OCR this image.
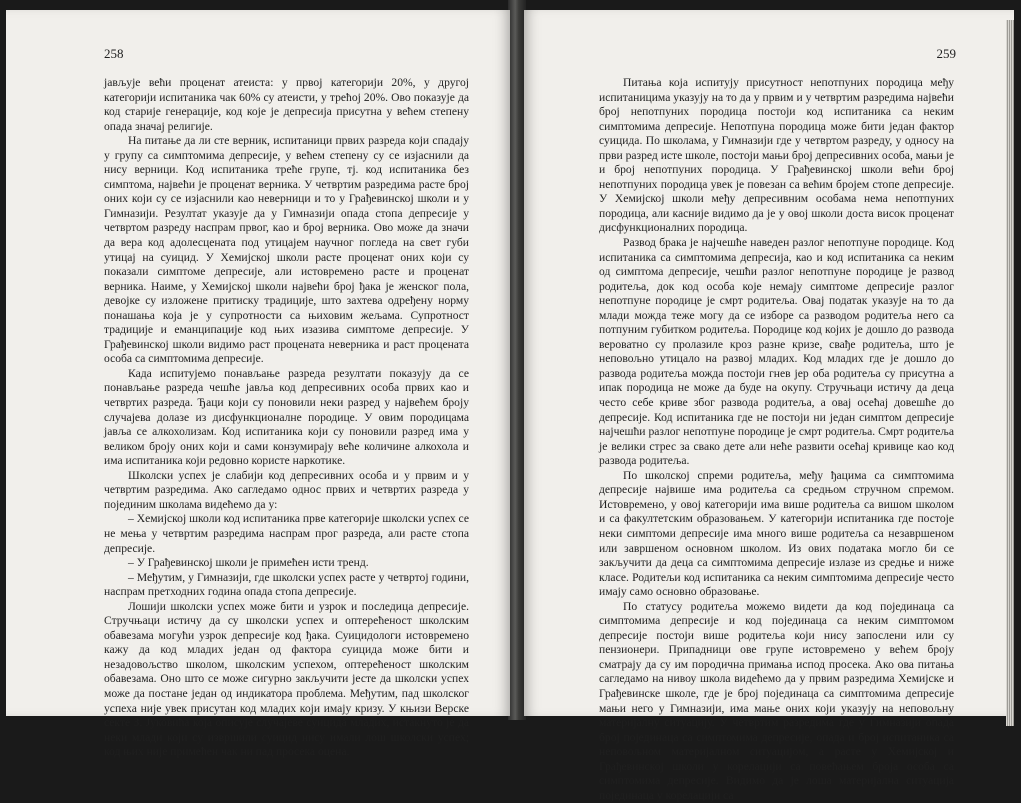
258

јављује већи проценат атеиста: у првој категорији 20%, у другој категорији испитаника чак 60% су атеисти, у трећој 20%. Ово показује да код старије генерације, код које је депресија присутна у већем степену опада значај религије.

На питање да ли сте верник, испитаници првих разреда који спадају у групу са симптомима депресије, у већем степену су се изјаснили да нису верници. Код испитаника треће групе, тј. код испитаника без симптома, највећи је проценат верника. У четвртим разредима расте број оних који су се изјаснили као неверници и то у Грађевинској школи и у Гимназији. Резултат указује да у Гимназији опада стопа депресије у четвртом разреду наспрам првог, као и број верника. Ово може да значи да вера код адолесцената под утицајем научног погледа на свет губи утицај на суицид. У Хемијској школи расте проценат оних који су показали симптоме депресије, али истовремено расте и проценат верника. Наиме, у Хемијској школи највећи број ђака је женског пола, девојке су изложене притиску традиције, што захтева одређену норму понашања која је у супротности са њиховим жељама. Супротност традиције и еманципације код њих изазива симптоме депресије. У Грађевинској школи видимо раст процената неверника и раст процената особа са симптомима депресије.

Када испитујемо понављање разреда резултати показују да се понављање разреда чешће јавља код депресивних особа првих као и четвртих разреда. Ђаци који су поновили неки разред у највећем броју случајева долазе из дисфункционалне породице. У овим породицама јавља се алкохолизам. Код испитаника који су поновили разред има у великом броју оних који и сами конзумирају веће количине алкохола и има испитаника који редовно користе наркотике.

Школски успех је слабији код депресивних особа и у првим и у четвртим разредима. Ако сагледамо однос првих и четвртих разреда у појединим школама видећемо да у:

– Хемијској школи код испитаника прве категорије школски успех се не мења у четвртим разредима наспрам прог разреда, али расте стопа депресије.

– У Грађевинској школи је примећен исти тренд.

– Међутим, у Гимназији, где школски успех расте у четвртој години, наспрам претходних година опада стопа депресије.

Лошији школски успех може бити и узрок и последица депресије. Стручњаци истичу да су школски успех и оптерећеност школским обавезама могући узрок депресије код ђака. Суицидологи истовремено кажу да код младих један од фактора суицида може бити и незадовољство школом, школским успехом, оптерећеност школским обавезама. Оно што се може сигурно закључити јесте да школски успех може да постане један од индикатора проблема. Међутим, пад школског успеха није увек присутан код младих који имају кризу. У књизи Верске секте З. Јуковића која описује случајеве суицида младих, истакнуто је да неки млади који су извршили суицид нису имали лош школски успех; код њих није примећен чак ни пад просека оцена.

259

Питања која испитују присутност непотпуних породица међу испитаницима указују на то да у првим и у четвртим разредима највећи број непотпуних породица постоји код испитаника са неким симптомима депресије. Непотпуна породица може бити један фактор суицида. По школама, у Гимназији где у четвртом разреду, у односу на први разред исте школе, постоји мањи број депресивних особа, мањи је и број непотпуних породица. У Грађевинској школи већи број непотпуних породица увек је повезан са већим бројем стопе депресије. У Хемијској школи међу депресивним особама нема непотпуних породица, али касније видимо да је у овој школи доста висок проценат дисфункционалних породица.

Развод брака је најчешће наведен разлог непотпуне породице. Код испитаника са симптомима депресија, као и код испитаника са неким од симптома депресије, чешћи разлог непотпуне породице је развод родитеља, док код особа које немају симптоме депресије разлог непотпуне породице је смрт родитеља. Овај податак указује на то да млади можда теже могу да се изборе са разводом родитеља него са потпуним губитком родитеља. Породице код којих је дошло до развода вероватно су пролазиле кроз разне кризе, свађе родитеља, што је неповољно утицало на развој младих. Код младих где је дошло до развода родитеља можда постоји гнев јер оба родитеља су присутна а ипак породица не може да буде на окупу. Стручњаци истичу да деца често себе криве због развода родитеља, а овај осећај довешће до депресије. Код испитаника где не постоји ни један симптом депресије најчешћи разлог непотпуне породице је смрт родитеља. Смрт родитеља је велики стрес за свако дете али неће развити осећај кривице као код развода родитеља.

По школској спреми родитеља, међу ђацима са симптомима депресије највише има родитеља са средњом стручном спремом. Истовремено, у овој категорији има више родитеља са вишом школом и са факултетским образовањем. У категорији испитаника где постоје неки симптоми депресије има много више родитеља са незавршеном или завршеном основном школом. Из ових података могло би се закључити да деца са симптомима депресије излазе из средње и ниже класе. Родитељи код испитаника са неким симптомима депресије често имају само основно образовање.

По статусу родитеља можемо видети да код појединаца са симптомима депресије и код појединаца са неким симптомом депресије постоји више родитеља који нису запослени или су пензионери. Припадници ове групе истовремено у већем броју сматрају да су им породична примања испод просека. Ако ова питања сагледамо на нивоу школа видећемо да у првим разредима Хемијске и Грађевинске школе, где је број појединаца са симптомима депресије мањи него у Гимназији, има мање оних који указују на неповољну материјалну ситуацију. У четвртим разредима где у Гимназији опада број појединаца са симптомима депресије, опада и број испитаника са неповољном материјалном ситуацијом, а расте у Хемијској и Грађевинској школи у корелацији са повећањем броја особа са симптомима депресије. Видимо да је лоша материјална ситуација појединаца у корелацији са
